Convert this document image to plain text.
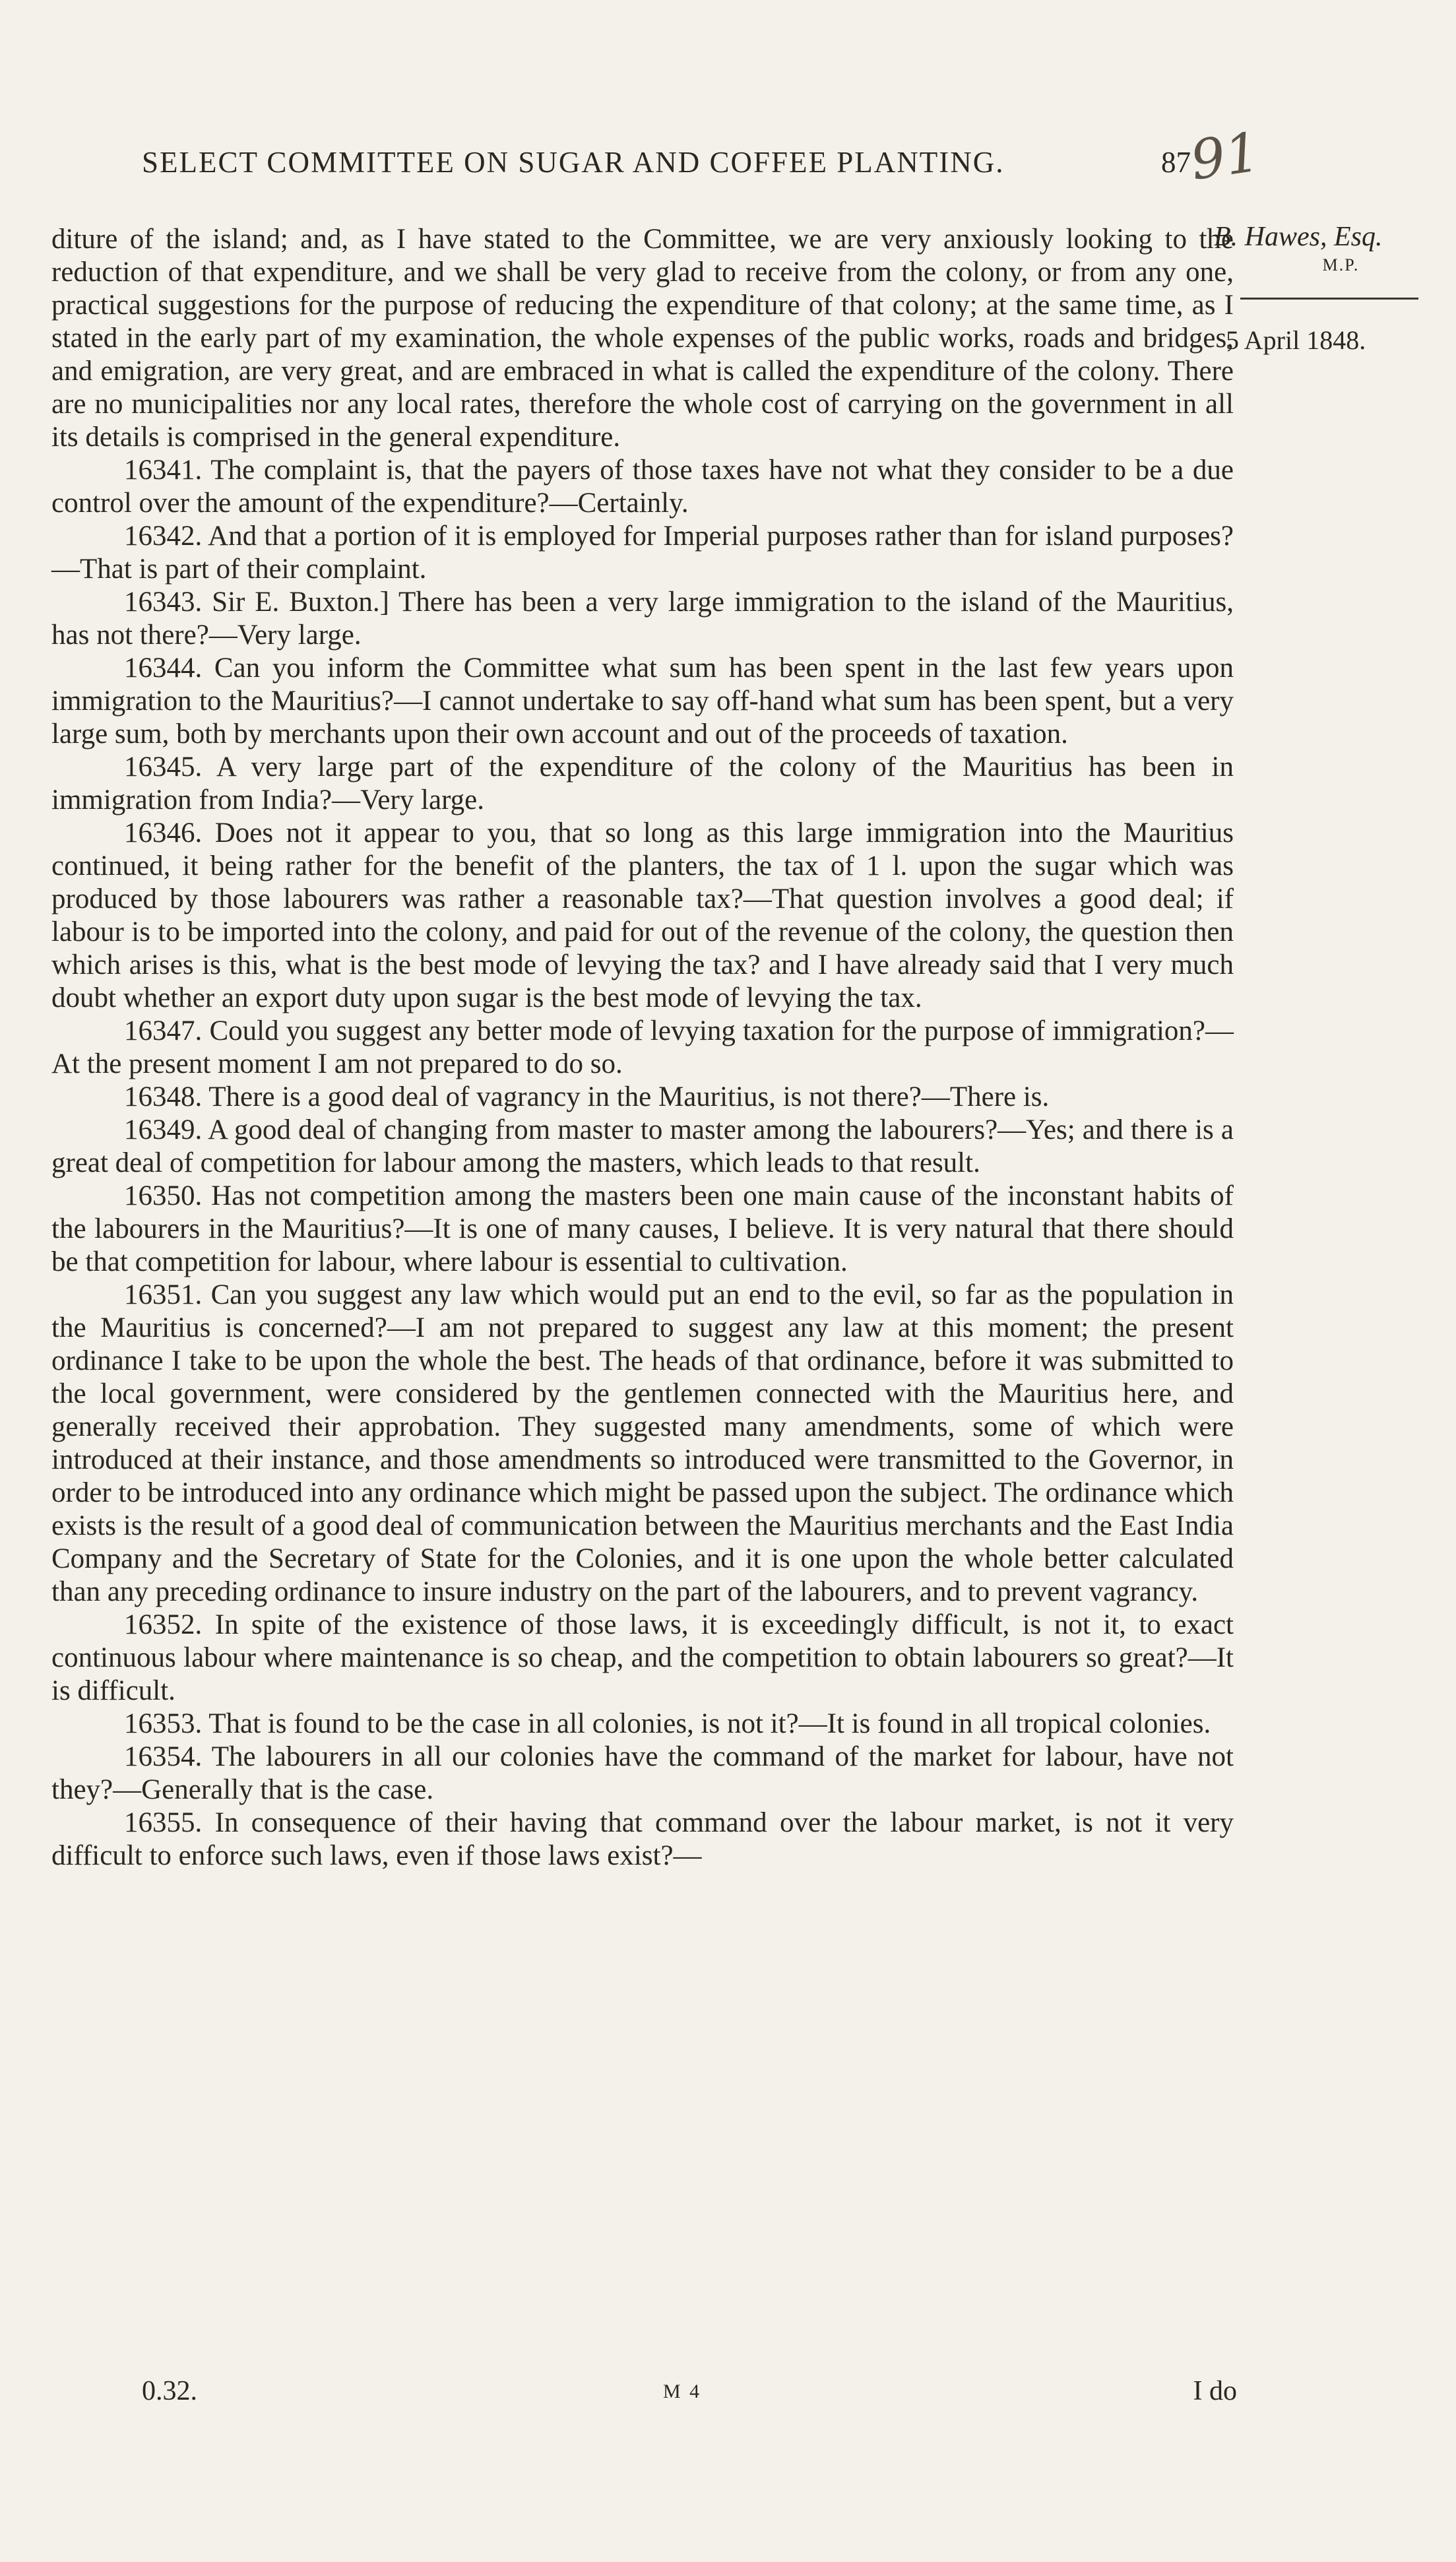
SELECT COMMITTEE ON SUGAR AND COFFEE PLANTING.	87
91
B. Hawes, Esq.
M.P.
5 April 1848.

diture of the island; and, as I have stated to the Committee, we are very anxiously looking to the reduction of that expenditure, and we shall be very glad to receive from the colony, or from any one, practical suggestions for the purpose of reducing the expenditure of that colony; at the same time, as I stated in the early part of my examination, the whole expenses of the public works, roads and bridges, and emigration, are very great, and are embraced in what is called the expenditure of the colony. There are no municipalities nor any local rates, therefore the whole cost of carrying on the government in all its details is comprised in the general expenditure.

16341. The complaint is, that the payers of those taxes have not what they consider to be a due control over the amount of the expenditure?—Certainly.

16342. And that a portion of it is employed for Imperial purposes rather than for island purposes?—That is part of their complaint.

16343. Sir E. Buxton.] There has been a very large immigration to the island of the Mauritius, has not there?—Very large.

16344. Can you inform the Committee what sum has been spent in the last few years upon immigration to the Mauritius?—I cannot undertake to say off-hand what sum has been spent, but a very large sum, both by merchants upon their own account and out of the proceeds of taxation.

16345. A very large part of the expenditure of the colony of the Mauritius has been in immigration from India?—Very large.

16346. Does not it appear to you, that so long as this large immigration into the Mauritius continued, it being rather for the benefit of the planters, the tax of 1 l. upon the sugar which was produced by those labourers was rather a reasonable tax?—That question involves a good deal; if labour is to be imported into the colony, and paid for out of the revenue of the colony, the question then which arises is this, what is the best mode of levying the tax? and I have already said that I very much doubt whether an export duty upon sugar is the best mode of levying the tax.

16347. Could you suggest any better mode of levying taxation for the purpose of immigration?—At the present moment I am not prepared to do so.

16348. There is a good deal of vagrancy in the Mauritius, is not there?—There is.

16349. A good deal of changing from master to master among the labourers?—Yes; and there is a great deal of competition for labour among the masters, which leads to that result.

16350. Has not competition among the masters been one main cause of the inconstant habits of the labourers in the Mauritius?—It is one of many causes, I believe. It is very natural that there should be that competition for labour, where labour is essential to cultivation.

16351. Can you suggest any law which would put an end to the evil, so far as the population in the Mauritius is concerned?—I am not prepared to suggest any law at this moment; the present ordinance I take to be upon the whole the best. The heads of that ordinance, before it was submitted to the local government, were considered by the gentlemen connected with the Mauritius here, and generally received their approbation. They suggested many amendments, some of which were introduced at their instance, and those amendments so introduced were transmitted to the Governor, in order to be introduced into any ordinance which might be passed upon the subject. The ordinance which exists is the result of a good deal of communication between the Mauritius merchants and the East India Company and the Secretary of State for the Colonies, and it is one upon the whole better calculated than any preceding ordinance to insure industry on the part of the labourers, and to prevent vagrancy.

16352. In spite of the existence of those laws, it is exceedingly difficult, is not it, to exact continuous labour where maintenance is so cheap, and the competition to obtain labourers so great?—It is difficult.

16353. That is found to be the case in all colonies, is not it?—It is found in all tropical colonies.

16354. The labourers in all our colonies have the command of the market for labour, have not they?—Generally that is the case.

16355. In consequence of their having that command over the labour market, is not it very difficult to enforce such laws, even if those laws exist?—

0.32.	M 4	I do
